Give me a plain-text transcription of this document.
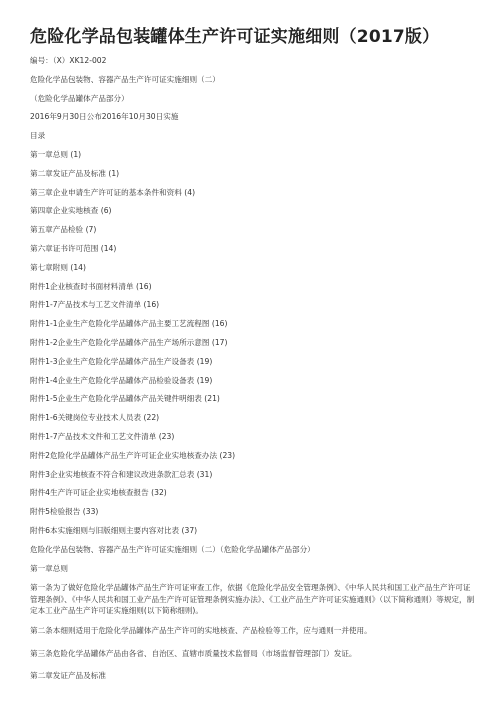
危险化学品包装罐体生产许可证实施细则（2017版）
编号：（X）XK12-002
危险化学品包装物、容器产品生产许可证实施细则（二）
（危险化学品罐体产品部分）
2016年9月30日公布2016年10月30日实施
目录
第一章总则 (1)
第二章发证产品及标准 (1)
第三章企业申请生产许可证的基本条件和资料 (4)
第四章企业实地核查 (6)
第五章产品检验 (7)
第六章证书许可范围 (14)
第七章附则 (14)
附件1企业核查时书面材料清单 (16)
附件1-7产品技术与工艺文件清单 (16)
附件1-1企业生产危险化学品罐体产品主要工艺流程图 (16)
附件1-2企业生产危险化学品罐体产品生产场所示意图 (17)
附件1-3企业生产危险化学品罐体产品生产设备表 (19)
附件1-4企业生产危险化学品罐体产品检验设备表 (19)
附件1-5企业生产危险化学品罐体产品关键件明细表 (21)
附件1-6关键岗位专业技术人员表 (22)
附件1-7产品技术文件和工艺文件清单 (23)
附件2危险化学品罐体产品生产许可证企业实地核查办法 (23)
附件3企业实地核查不符合和建议改进条款汇总表 (31)
附件4生产许可证企业实地核查报告 (32)
附件5检验报告 (33)
附件6本实施细则与旧版细则主要内容对比表 (37)
危险化学品包装物、容器产品生产许可证实施细则（二）（危险化学品罐体产品部分）
第一章总则
第一条为了做好危险化学品罐体产品生产许可证审查工作，依据《危险化学品安全管理条例》、《中华人民共和国工业产品生产许可证管理条例》、《中华人民共和国工业产品生产许可证管理条例实施办法》、《工业产品生产许可证实施通则》（以下简称通则）等规定，制定本工业产品生产许可证实施细则(以下简称细则)。
第二条本细则适用于危险化学品罐体产品生产许可的实地核查、产品检验等工作，应与通则一并使用。
第三条危险化学品罐体产品由各省、自治区、直辖市质量技术监督局（市场监督管理部门）发证。
第二章发证产品及标准
